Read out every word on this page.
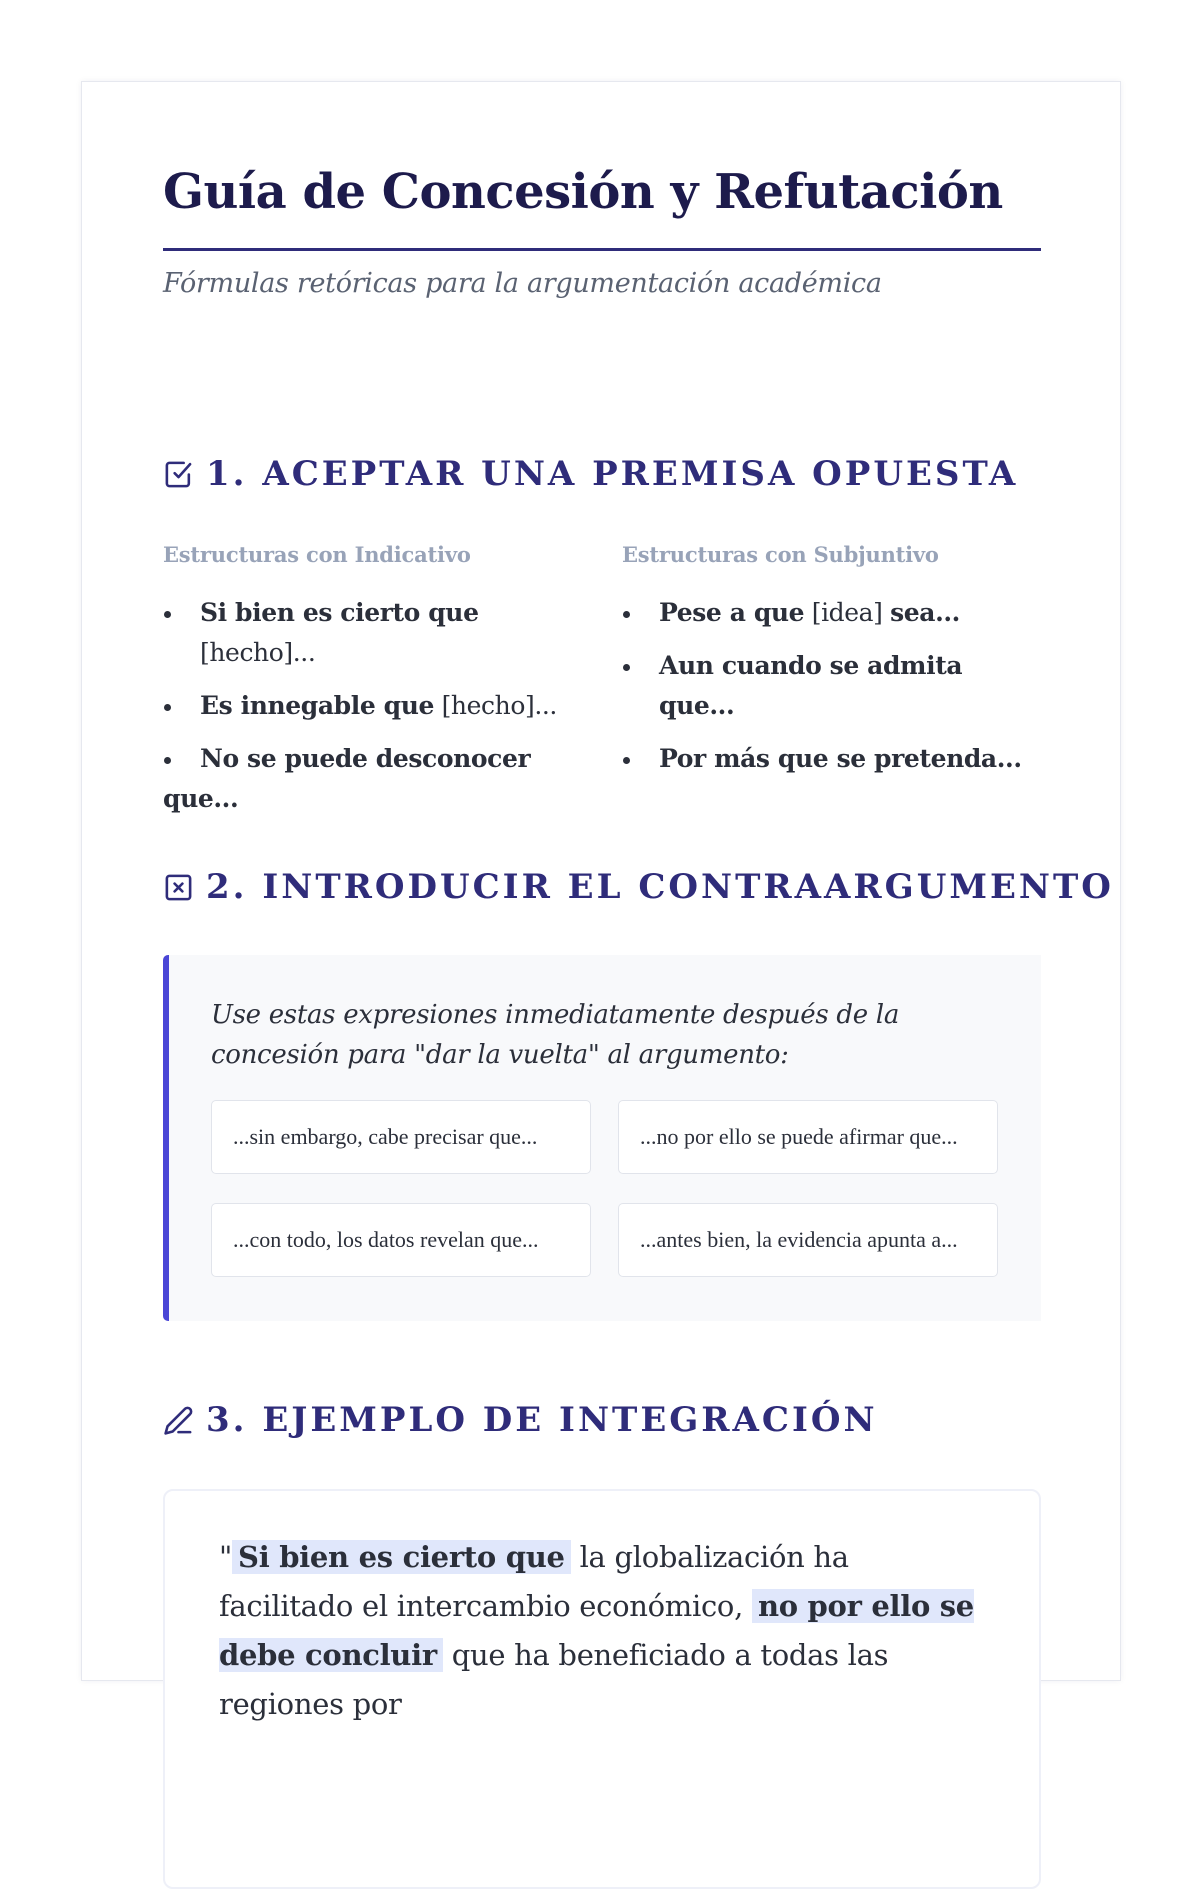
Guía de Concesión y Refutación
Fórmulas retóricas para la argumentación académica
1. ACEPTAR UNA PREMISA OPUESTA
Estructuras con Indicativo
Si bien es cierto que [hecho]...
Es innegable que [hecho]...
No se puede desconocer que...
Estructuras con Subjuntivo
Pese a que [idea] sea...
Aun cuando se admita que...
Por más que se pretenda...
2. INTRODUCIR EL CONTRAARGUMENTO
Use estas expresiones inmediatamente después de la concesión para "dar la vuelta" al argumento:
...sin embargo, cabe precisar que...	...no por ello se puede afirmar que...
...con todo, los datos revelan que...	...antes bien, la evidencia apunta a...
3. EJEMPLO DE INTEGRACIÓN
" Si bien es cierto que la globalización ha facilitado el intercambio económico, no por ello se debe concluir que ha beneficiado a todas las regiones por
